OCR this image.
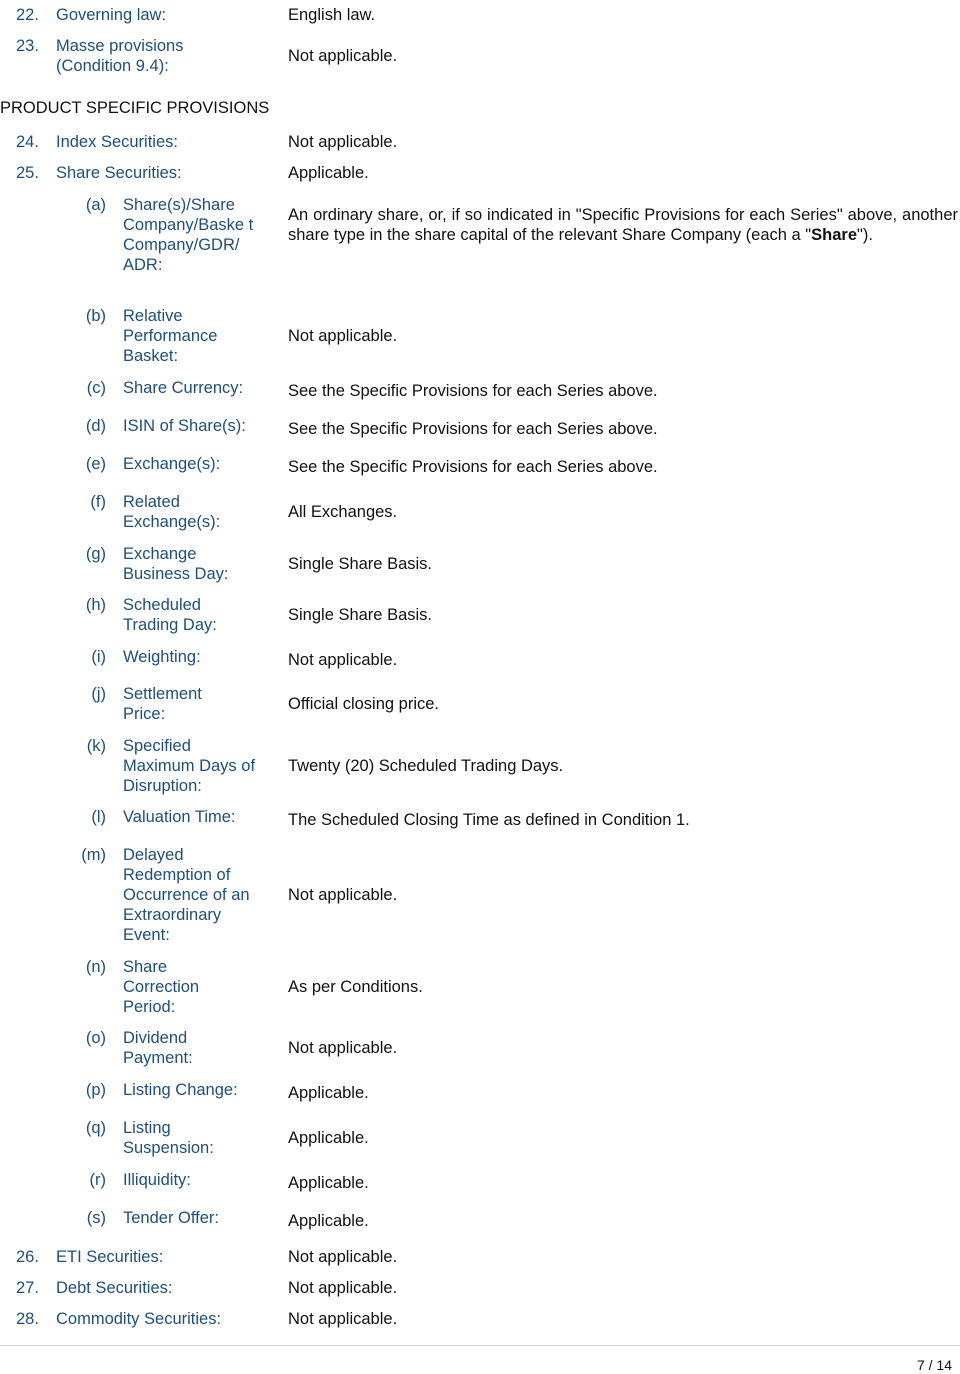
22. Governing law:	English law.
23. Masse provisions (Condition 9.4):
Not applicable.
PRODUCT SPECIFIC PROVISIONS
24. Index Securities:	Not applicable.
25. Share Securities:	Applicable.
(a) Share(s)/Share Company/Baske t Company/GDR/ ADR:
An ordinary share, or, if so indicated in "Specific Provisions for each Series" above, another share type in the share capital of the relevant Share Company (each a "Share").
(b) Relative Performance Basket:
Not applicable.
(c) Share Currency:	See the Specific Provisions for each Series above.
(d) ISIN of Share(s):	See the Specific Provisions for each Series above.
(e) Exchange(s):	See the Specific Provisions for each Series above.
(f) Related Exchange(s):
All Exchanges.
(g) Exchange Business Day:
Single Share Basis.
(h) Scheduled Trading Day:
Single Share Basis.
(i) Weighting:	Not applicable.
(j) Settlement Price:
Official closing price.
(k) Specified Maximum Days of Disruption:
Twenty (20) Scheduled Trading Days.
(l) Valuation Time:	The Scheduled Closing Time as defined in Condition 1.
(m) Delayed Redemption of Occurrence of an Extraordinary Event:
Not applicable.
(n) Share Correction Period:
As per Conditions.
(o) Dividend Payment:
Not applicable.
(p) Listing Change:	Applicable.
(q) Listing Suspension:
Applicable.
(r) Illiquidity:	Applicable.
(s) Tender Offer:	Applicable.
26. ETI Securities:	Not applicable.
27. Debt Securities:	Not applicable.
28. Commodity Securities:	Not applicable.
7 / 14
